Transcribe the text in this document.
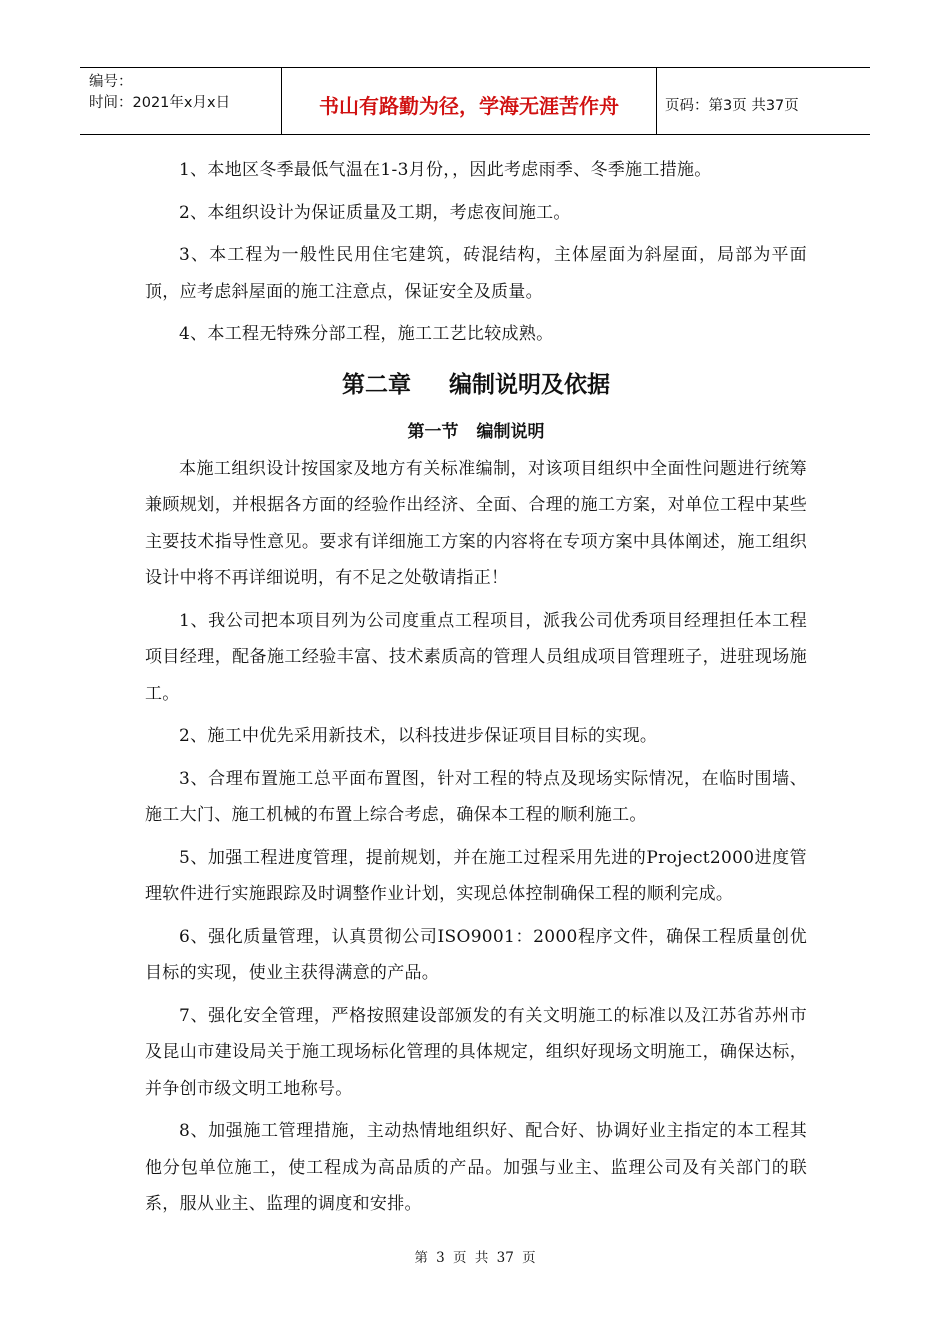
编号：
时间：2021年x月x日	书山有路勤为径，学海无涯苦作舟	页码：第3页 共37页

1、本地区冬季最低气温在1-3月份，，因此考虑雨季、冬季施工措施。

2、本组织设计为保证质量及工期，考虑夜间施工。

3、本工程为一般性民用住宅建筑，砖混结构，主体屋面为斜屋面，局部为平面顶，应考虑斜屋面的施工注意点，保证安全及质量。

4、本工程无特殊分部工程，施工工艺比较成熟。

第二章 编制说明及依据
第一节 编制说明

本施工组织设计按国家及地方有关标准编制，对该项目组织中全面性问题进行统筹兼顾规划，并根据各方面的经验作出经济、全面、合理的施工方案，对单位工程中某些主要技术指导性意见。要求有详细施工方案的内容将在专项方案中具体阐述，施工组织设计中将不再详细说明，有不足之处敬请指正！

1、我公司把本项目列为公司度重点工程项目，派我公司优秀项目经理担任本工程项目经理，配备施工经验丰富、技术素质高的管理人员组成项目管理班子，进驻现场施工。

2、施工中优先采用新技术，以科技进步保证项目目标的实现。

3、合理布置施工总平面布置图，针对工程的特点及现场实际情况，在临时围墙、施工大门、施工机械的布置上综合考虑，确保本工程的顺利施工。

5、加强工程进度管理，提前规划，并在施工过程采用先进的Project2000进度管理软件进行实施跟踪及时调整作业计划，实现总体控制确保工程的顺利完成。

6、强化质量管理，认真贯彻公司ISO9001：2000程序文件，确保工程质量创优目标的实现，使业主获得满意的产品。

7、强化安全管理，严格按照建设部颁发的有关文明施工的标准以及江苏省苏州市及昆山市建设局关于施工现场标化管理的具体规定，组织好现场文明施工，确保达标，并争创市级文明工地称号。

8、加强施工管理措施，主动热情地组织好、配合好、协调好业主指定的本工程其他分包单位施工，使工程成为高品质的产品。加强与业主、监理公司及有关部门的联系，服从业主、监理的调度和安排。

第 3 页 共 37 页
